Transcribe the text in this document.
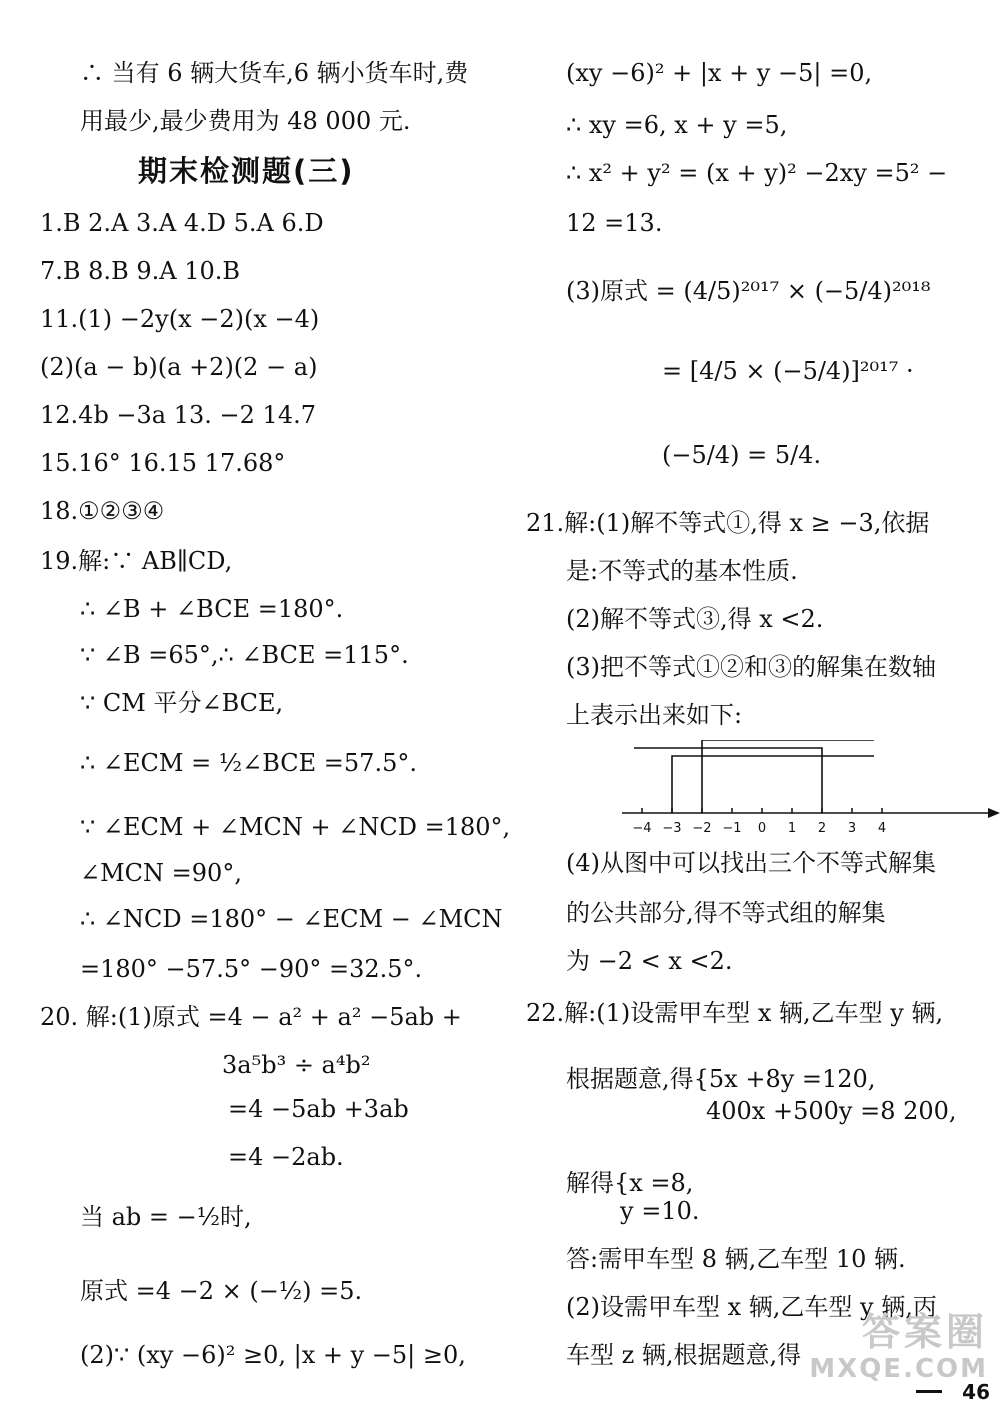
∴ 当有 6 辆大货车,6 辆小货车时,费
用最少,最少费用为 48 000 元.
期末检测题(三)
1.B 2.A 3.A 4.D 5.A 6.D
7.B 8.B 9.A 10.B
11.(1) −2y(x −2)(x −4)
(2)(a − b)(a +2)(2 − a)
12.4b −3a 13. −2 14.7
15.16° 16.15 17.68°
18.①②③④
19.解:∵ AB∥CD,
∴ ∠B + ∠BCE =180°.
∵ ∠B =65°,∴ ∠BCE =115°.
∵ CM 平分∠BCE,
∴ ∠ECM = ½∠BCE =57.5°.
∵ ∠ECM + ∠MCN + ∠NCD =180°,
∠MCN =90°,
∴ ∠NCD =180° − ∠ECM − ∠MCN
=180° −57.5° −90° =32.5°.
20. 解:(1)原式 =4 − a² + a² −5ab +
3a⁵b³ ÷ a⁴b²
=4 −5ab +3ab
=4 −2ab.
当 ab = −½时,
原式 =4 −2 × (−½) =5.
(2)∵ (xy −6)² ≥0, |x + y −5| ≥0,
(xy −6)² + |x + y −5| =0,
∴ xy =6, x + y =5,
∴ x² + y² = (x + y)² −2xy =5² −
12 =13.
(3)原式 = (4/5)²⁰¹⁷ × (−5/4)²⁰¹⁸
= [4/5 × (−5/4)]²⁰¹⁷ ·
(−5/4) = 5/4.
21.解:(1)解不等式①,得 x ≥ −3,依据
是:不等式的基本性质.
(2)解不等式③,得 x <2.
(3)把不等式①②和③的解集在数轴
上表示出来如下:
−4 −3 −2 −1 0 1 2 3 4
(4)从图中可以找出三个不等式解集
的公共部分,得不等式组的解集
为 −2 < x <2.
22.解:(1)设需甲车型 x 辆,乙车型 y 辆,
根据题意,得{5x +8y =120,
400x +500y =8 200,
解得{x =8,
y =10.
答:需甲车型 8 辆,乙车型 10 辆.
(2)设需甲车型 x 辆,乙车型 y 辆,丙
车型 z 辆,根据题意,得
答案圈
MXQE.COM
46
